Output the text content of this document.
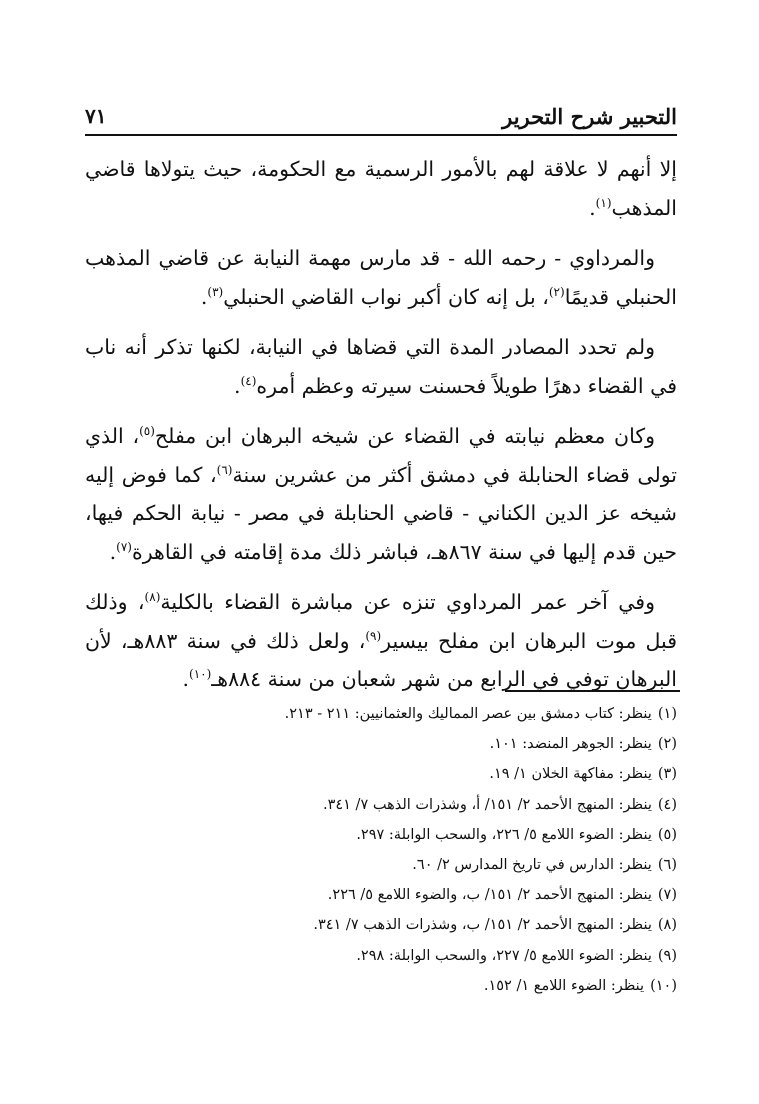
التحبير شرح التحرير
٧١

إلا أنهم لا علاقة لهم بالأمور الرسمية مع الحكومة، حيث يتولاها قاضي المذهب$^{(١)}$.

والمرداوي - رحمه الله - قد مارس مهمة النيابة عن قاضي المذهب الحنبلي قديمًا$^{(٢)}$، بل إنه كان أكبر نواب القاضي الحنبلي$^{(٣)}$.

ولم تحدد المصادر المدة التي قضاها في النيابة، لكنها تذكر أنه ناب في القضاء دهرًا طويلاً فحسنت سيرته وعظم أمره$^{(٤)}$.

وكان معظم نيابته في القضاء عن شيخه البرهان ابن مفلح$^{(٥)}$، الذي تولى قضاء الحنابلة في دمشق أكثر من عشرين سنة$^{(٦)}$، كما فوض إليه شيخه عز الدين الكناني - قاضي الحنابلة في مصر - نيابة الحكم فيها، حين قدم إليها في سنة ٨٦٧هـ، فباشر ذلك مدة إقامته في القاهرة$^{(٧)}$.

وفي آخر عمر المرداوي تنزه عن مباشرة القضاء بالكلية$^{(٨)}$، وذلك قبل موت البرهان ابن مفلح بيسير$^{(٩)}$، ولعل ذلك في سنة ٨٨٣هـ، لأن البرهان توفي في الرابع من شهر شعبان من سنة ٨٨٤هـ$^{(١٠)}$.

(١)ينظر: كتاب دمشق بين عصر المماليك والعثمانيين: ٢١١ - ٢١٣.
(٢)ينظر: الجوهر المنضد: ١٠١.
(٣)ينظر: مفاكهة الخلان ١/ ١٩.
(٤)ينظر: المنهج الأحمد ٢/ ١٥١/ أ، وشذرات الذهب ٧/ ٣٤١.
(٥)ينظر: الضوء اللامع ٥/ ٢٢٦، والسحب الوابلة: ٢٩٧.
(٦)ينظر: الدارس في تاريخ المدارس ٢/ ٦٠.
(٧)ينظر: المنهج الأحمد ٢/ ١٥١/ ب، والضوء اللامع ٥/ ٢٢٦.
(٨)ينظر: المنهج الأحمد ٢/ ١٥١/ ب، وشذرات الذهب ٧/ ٣٤١.
(٩)ينظر: الضوء اللامع ٥/ ٢٢٧، والسحب الوابلة: ٢٩٨.
(١٠)ينظر: الضوء اللامع ١/ ١٥٢.
